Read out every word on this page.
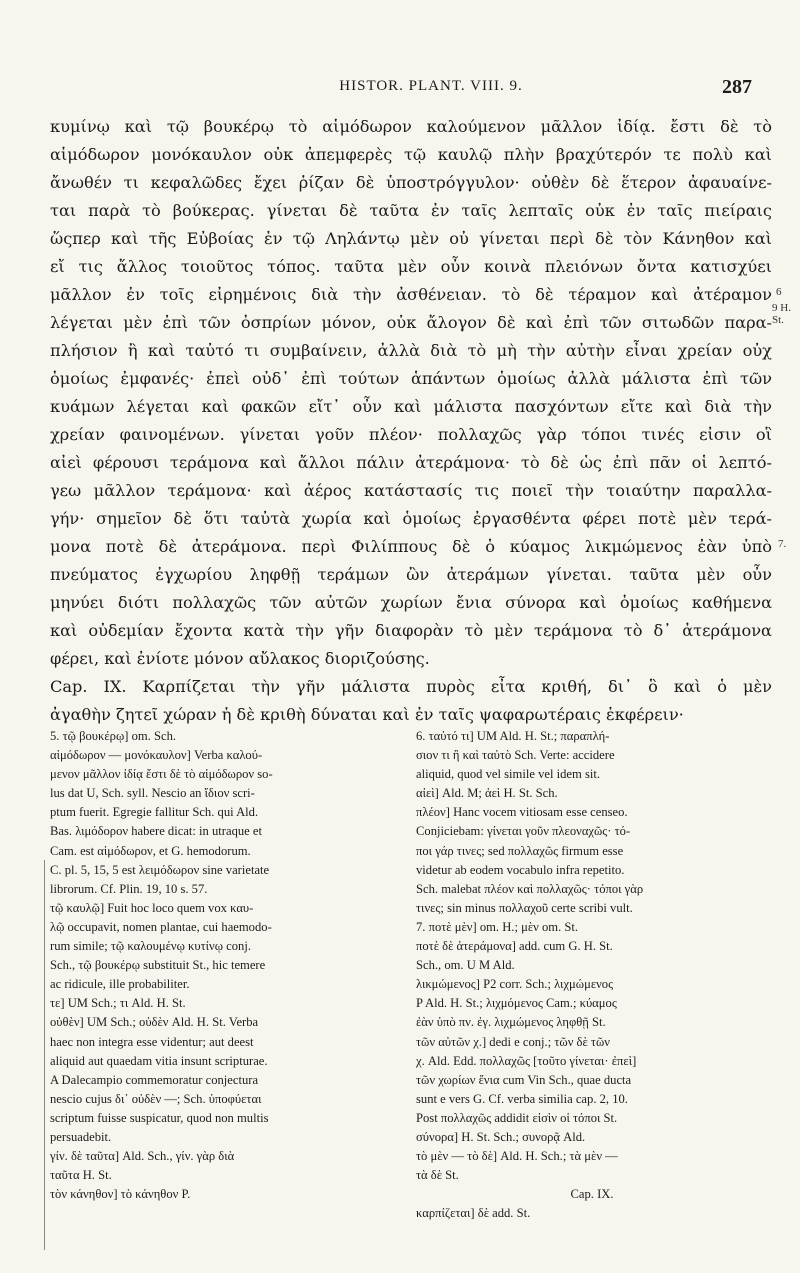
HISTOR. PLANT. VIII. 9.	287
κυμίνῳ καὶ τῷ βουκέρῳ τὸ αἱμόδωρον καλούμενον μᾶλλον ἰδίᾳ. ἔστι δὲ τὸ
αἱμόδωρον μονόκαυλον οὐκ ἀπεμφερὲς τῷ καυλῷ πλὴν βραχύτερόν τε πολὺ καὶ
ἄνωθέν τι κεφαλῶδες ἔχει ῥίζαν δὲ ὑποστρόγγυλον· οὐθὲν δὲ ἕτερον ἀφαυαίνε-
ται παρὰ τὸ βούκερας. γίνεται δὲ ταῦτα ἐν ταῖς λεπταῖς οὐκ ἐν ταῖς πιείραις
ὥςπερ καὶ τῆς Εὐβοίας ἐν τῷ Ληλάντῳ μὲν οὐ γίνεται περὶ δὲ τὸν Κάνηθον καὶ
εἴ τις ἄλλος τοιοῦτος τόπος. ταῦτα μὲν οὖν κοινὰ πλειόνων ὄντα κατισχύει
μᾶλλον ἐν τοῖς εἰρημένοις διὰ τὴν ἀσθένειαν. τὸ δὲ τέραμον καὶ ἀτέραμον
λέγεται μὲν ἐπὶ τῶν ὀσπρίων μόνον, οὐκ ἄλογον δὲ καὶ ἐπὶ τῶν σιτωδῶν παρα-
πλήσιον ἢ καὶ ταὐτό τι συμβαίνειν, ἀλλὰ διὰ τὸ μὴ τὴν αὐτὴν εἶναι χρείαν οὐχ
ὁμοίως ἐμφανές· ἐπεὶ οὐδ᾽ ἐπὶ τούτων ἁπάντων ὁμοίως ἀλλὰ μάλιστα ἐπὶ τῶν
κυάμων λέγεται καὶ φακῶν εἴτ᾽ οὖν καὶ μάλιστα πασχόντων εἴτε καὶ διὰ τὴν
χρείαν φαινομένων. γίνεται γοῦν πλέον· πολλαχῶς γὰρ τόποι τινές εἰσιν οἳ
αἰεὶ φέρουσι τεράμονα καὶ ἄλλοι πάλιν ἀτεράμονα· τὸ δὲ ὡς ἐπὶ πᾶν οἱ λεπτό-
γεω μᾶλλον τεράμονα· καὶ ἀέρος κατάστασίς τις ποιεῖ τὴν τοιαύτην παραλλα-
γήν· σημεῖον δὲ ὅτι ταὐτὰ χωρία καὶ ὁμοίως ἐργασθέντα φέρει ποτὲ μὲν τερά-
μονα ποτὲ δὲ ἀτεράμονα. περὶ Φιλίππους δὲ ὁ κύαμος λικμώμενος ἐὰν ὑπὸ
πνεύματος ἐγχωρίου ληφθῇ τεράμων ὢν ἀτεράμων γίνεται. ταῦτα μὲν οὖν
μηνύει διότι πολλαχῶς τῶν αὐτῶν χωρίων ἔνια σύνορα καὶ ὁμοίως καθήμενα
καὶ οὐδεμίαν ἔχοντα κατὰ τὴν γῆν διαφορὰν τὸ μὲν τεράμονα τὸ δ᾽ ἀτεράμονα
φέρει, καὶ ἐνίοτε μόνον αὔλακος διοριζούσης.
Cap. IX. Καρπίζεται τὴν γῆν μάλιστα πυρὸς εἶτα κριθή, δι᾽ ὃ καὶ ὁ μὲν
ἀγαθὴν ζητεῖ χώραν ἡ δὲ κριθὴ δύναται καὶ ἐν ταῖς ψαφαρωτέραις ἐκφέρειν·
6
9 H. St.
7.
5. τῷ βουκέρῳ] om. Sch.
αἱμόδωρον — μονόκαυλον] Verba καλού-
μενον μᾶλλον ἰδίᾳ ἔστι δὲ τὸ αἱμόδωρον so-
lus dat U, Sch. syll. Nescio an ἴδιον scri-
ptum fuerit. Egregie fallitur Sch. qui Ald.
Bas. λιμόδορον habere dicat: in utraque et
Cam. est αἱμόδωρον, et G. hemodorum.
C. pl. 5, 15, 5 est λειμόδωρον sine varietate
librorum. Cf. Plin. 19, 10 s. 57.
τῷ καυλῷ] Fuit hoc loco quem vox καυ-
λῷ occupavit, nomen plantae, cui haemodo-
rum simile; τῷ καλουμένῳ κυτίνῳ conj.
Sch., τῷ βουκέρῳ substituit St., hic temere
ac ridicule, ille probabiliter.
τε] UM Sch.; τι Ald. H. St.
οὐθὲν] UM Sch.; οὐδὲν Ald. H. St. Verba
haec non integra esse videntur; aut deest
aliquid aut quaedam vitia insunt scripturae.
A Dalecampio commemoratur conjectura
nescio cujus δι᾽ οὐδὲν —; Sch. ὑποφύεται
scriptum fuisse suspicatur, quod non multis
persuadebit.
γίν. δὲ ταῦτα] Ald. Sch., γίν. γὰρ διὰ
ταῦτα H. St.
τὸν κάνηθον] τὸ κάνηθον P.
6. ταὐτό τι] UM Ald. H. St.; παραπλή-
σιον τι ἢ καὶ ταὐτὸ Sch. Verte: accidere
aliquid, quod vel simile vel idem sit.
αἰεὶ] Ald. M; ἀεὶ H. St. Sch.
πλέον] Hanc vocem vitiosam esse censeo.
Conjiciebam: γίνεται γοῦν πλεοναχῶς· τό-
ποι γάρ τινες; sed πολλαχῶς firmum esse
videtur ab eodem vocabulo infra repetito.
Sch. malebat πλέον καὶ πολλαχῶς· τόποι γὰρ
τινες; sin minus πολλαχοῦ certe scribi vult.
7. ποτὲ μὲν] om. H.; μὲν om. St.
ποτὲ δὲ ἀτεράμονα] add. cum G. H. St.
Sch., om. U M Ald.
λικμώμενος] P2 corr. Sch.; λιχμώμενος
P Ald. H. St.; λιχμόμενος Cam.; κύαμος
ἐὰν ὑπὸ πν. ἐγ. λιχμώμενος ληφθῇ St.
τῶν αὐτῶν χ.] dedi e conj.; τῶν δὲ τῶν
χ. Ald. Edd. πολλαχῶς [τοῦτο γίνεται· ἐπεὶ]
τῶν χωρίων ἔνια cum Vin Sch., quae ducta
sunt e vers G. Cf. verba similia cap. 2, 10.
Post πολλαχῶς addidit εἰσὶν οἱ τόποι St.
σύνορα] H. St. Sch.; συνορᾷ Ald.
τὸ μὲν — τὸ δὲ] Ald. H. Sch.; τὰ μὲν —
τὰ δὲ St.
Cap. IX.
καρπίζεται] δὲ add. St.
